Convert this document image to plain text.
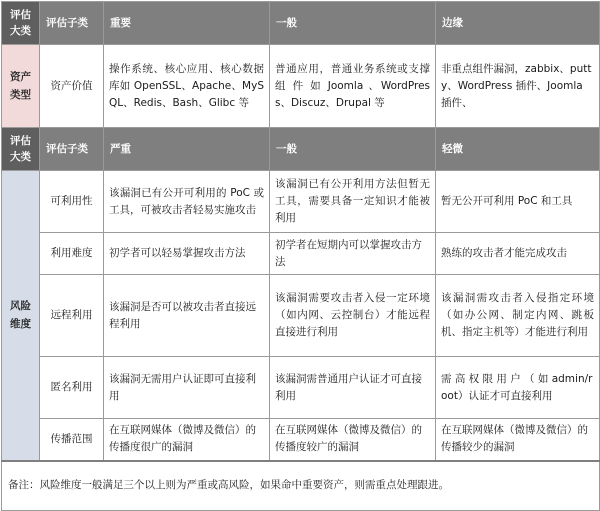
评估大类	评估子类	重要	一般	边缘
资产类型	资产价值	操作系统、核心应用、核心数据库如 OpenSSL、Apache、MySQL、Redis、Bash、Glibc 等	普通应用，普通业务系统或支撑 组 件 如 Joomla 、WordPress、Discuz、Drupal 等	非重点组件漏洞，zabbix、putty、WordPress 插件、Joomla 插件、
评估大类	评估子类	严重	一般	轻微
风险维度	可利用性	该漏洞已有公开可利用的 PoC 或工具，可被攻击者轻易实施攻击	该漏洞已有公开利用方法但暂无工具，需要具备一定知识才能被利用	暂无公开可利用 PoC 和工具
	利用难度	初学者可以轻易掌握攻击方法	初学者在短期内可以掌握攻击方法	熟练的攻击者才能完成攻击
	远程利用	该漏洞是否可以被攻击者直接远程利用	该漏洞需要攻击者入侵一定环境（如内网、云控制台）才能远程直接进行利用	该漏洞需攻击者入侵指定环境（如办公网、制定内网、跳板机、指定主机等）才能进行利用
	匿名利用	该漏洞无需用户认证即可直接利用	该漏洞需普通用户认证才可直接利用	需 高 权 限 用 户 （ 如 admin/root）认证才可直接利用
	传播范围	在互联网媒体（微博及微信）的传播度很广的漏洞	在互联网媒体（微博及微信）的传播度较广的漏洞	在互联网媒体（微博及微信）的传播较少的漏洞
备注：风险维度一般满足三个以上则为严重或高风险，如果命中重要资产，则需重点处理跟进。				
